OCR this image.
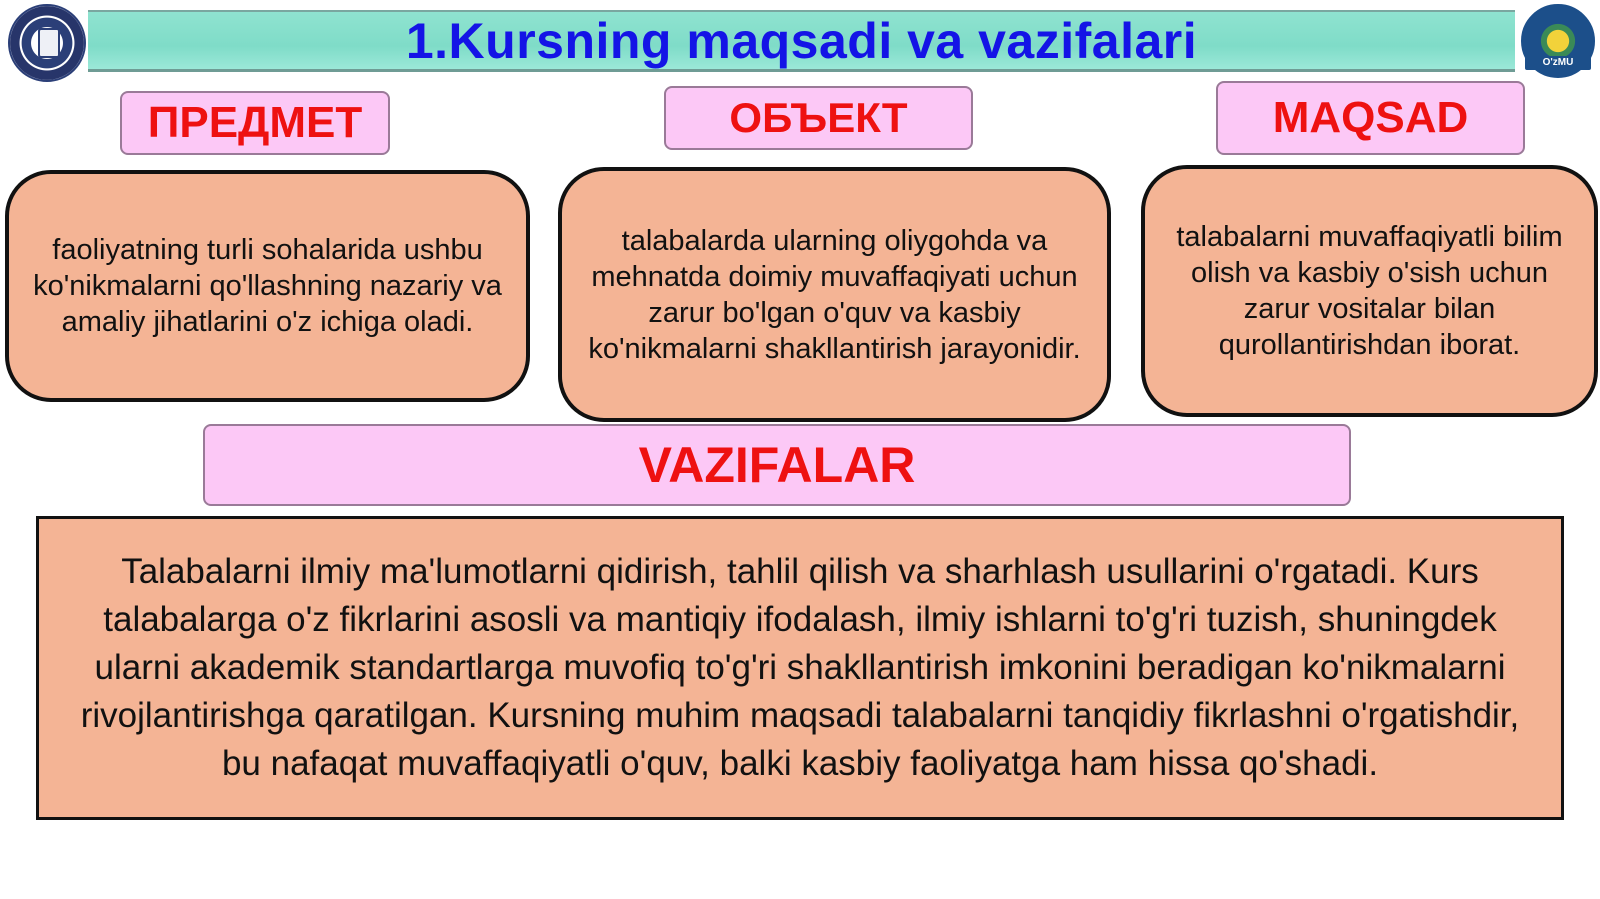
1.Kursning maqsadi va vazifalari	O'zMU
ПРЕДМЕТ	ОБЪЕКТ	MAQSAD
faoliyatning turli sohalarida ushbu ko'nikmalarni qo'llashning nazariy va amaliy jihatlarini o'z ichiga oladi.
talabalarda ularning oliygohda va mehnatda doimiy muvaffaqiyati uchun zarur bo'lgan o'quv va kasbiy ko'nikmalarni shakllantirish jarayonidir.
talabalarni muvaffaqiyatli bilim olish va kasbiy o'sish uchun zarur vositalar bilan qurollantirishdan iborat.
VAZIFALAR
Talabalarni ilmiy ma'lumotlarni qidirish, tahlil qilish va sharhlash usullarini o'rgatadi. Kurs talabalarga o'z fikrlarini asosli va mantiqiy ifodalash, ilmiy ishlarni to'g'ri tuzish, shuningdek ularni akademik standartlarga muvofiq to'g'ri shakllantirish imkonini beradigan ko'nikmalarni rivojlantirishga qaratilgan. Kursning muhim maqsadi talabalarni tanqidiy fikrlashni o'rgatishdir, bu nafaqat muvaffaqiyatli o'quv, balki kasbiy faoliyatga ham hissa qo'shadi.
